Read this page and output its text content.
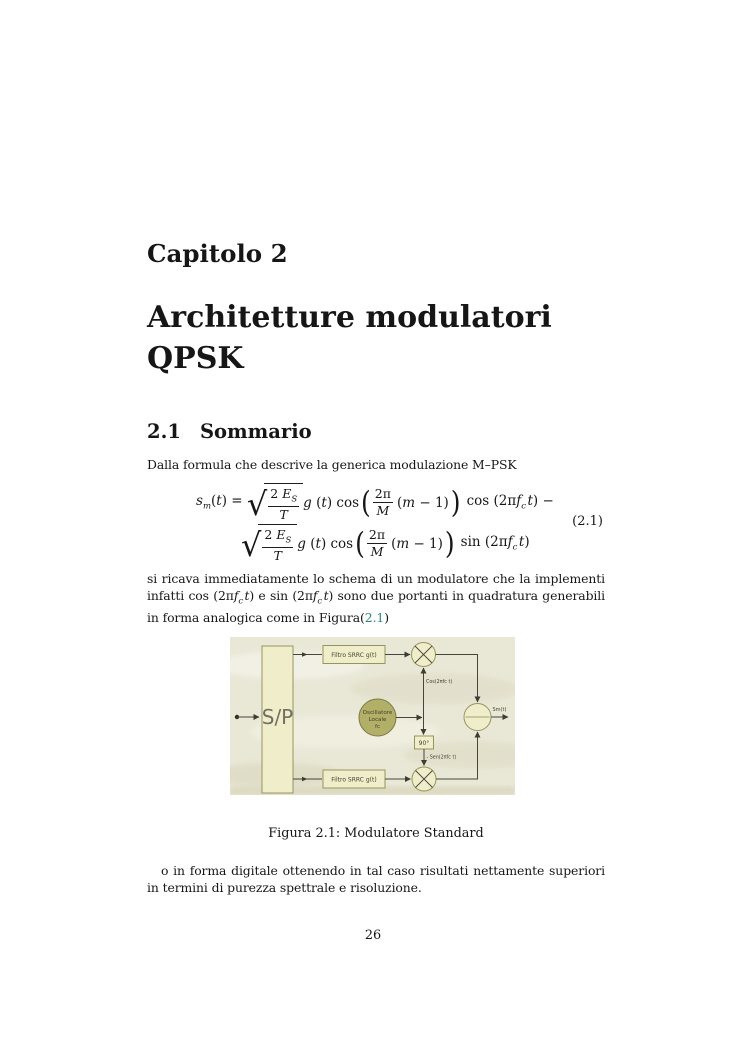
Capitolo 2
Architetture modulatori
QPSK
2.1 Sommario
Dalla formula che descrive la generica modulazione M–PSK
$s_m(t)$ = √ $\frac{2 E_S}{T}$ g (t) cos ( $\frac{2\pi}{M} (m - 1)$ ) $\cos (2\pi f_c$ t) −
√ $\frac{2 E_S}{T}$ g (t) cos ( $\frac{2\pi}{M} (m - 1)$ ) $\sin (2\pi f_c$ t)
(2.1)
si ricava immediatamente lo schema di un modulatore che la implementi
infatti $\cos (2\pi f_c$ t) e $\sin (2\pi f_c$ t) sono due portanti in quadratura generabili
in forma analogica come in Figura(2.1)
S/P
Filtro SRRC g(t)
Filtro SRRC g(t)
Oscillatore
Locale
fc
Cos(2πfc t)
90°
- Sen(2πfc t)
Sm(t)
Figura 2.1: Modulatore Standard
o in forma digitale ottenendo in tal caso risultati nettamente superiori
in termini di purezza spettrale e risoluzione.
26
